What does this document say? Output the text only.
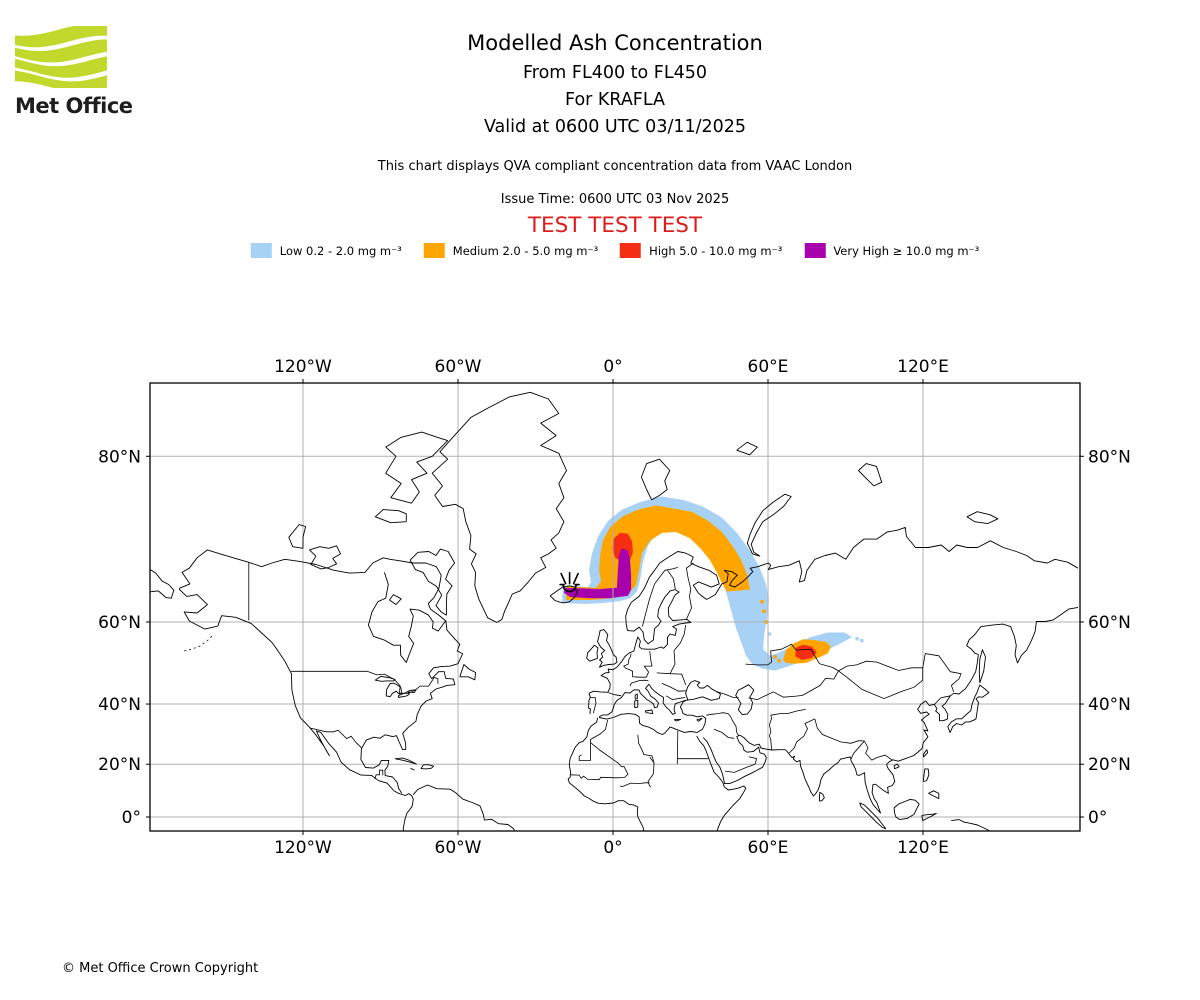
Met Office
Modelled Ash Concentration
From FL400 to FL450
For KRAFLA
Valid at 0600 UTC 03/11/2025
This chart displays QVA compliant concentration data from VAAC London
Issue Time: 0600 UTC 03 Nov 2025
TEST TEST TEST
Low 0.2 - 2.0 mg m⁻³	Medium 2.0 - 5.0 mg m⁻³	High 5.0 - 10.0 mg m⁻³	Very High ≥ 10.0 mg m⁻³
120°W
120°W
60°W
60°W
0°
0°
60°E
60°E
120°E
120°E
0°	0°
20°N	20°N
40°N	40°N
60°N	60°N
80°N	80°N
© Met Office Crown Copyright
